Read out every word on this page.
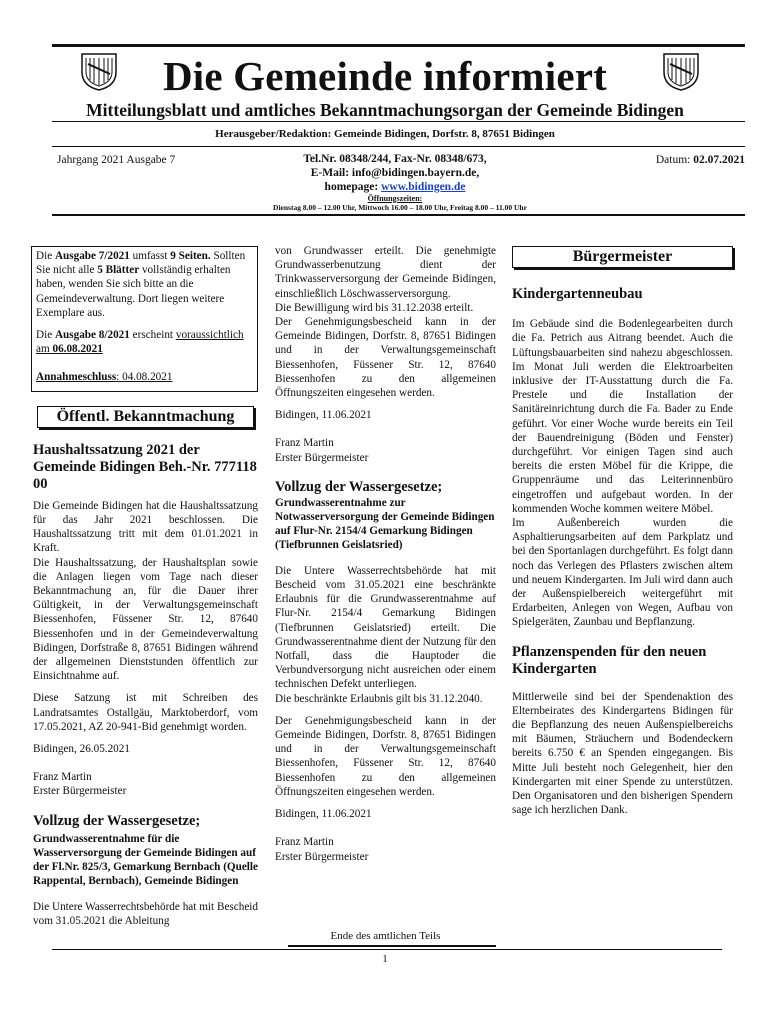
Die Gemeinde informiert
Mitteilungsblatt und amtliches Bekanntmachungsorgan der Gemeinde Bidingen
Herausgeber/Redaktion: Gemeinde Bidingen, Dorfstr. 8, 87651 Bidingen
Jahrgang 2021 Ausgabe 7	Tel.Nr. 08348/244, Fax-Nr. 08348/673,
E-Mail: info@bidingen.bayern.de,
homepage: www.bidingen.de
Öffnungszeiten:
Dienstag 8.00 – 12.00 Uhr, Mittwoch 16.00 – 18.00 Uhr, Freitag 8.00 – 11.00 Uhr
Datum: 02.07.2021

Die Ausgabe 7/2021 umfasst 9 Seiten. Sollten Sie nicht alle 5 Blätter vollständig erhalten haben, wenden Sie sich bitte an die Gemeindeverwaltung. Dort liegen weitere Exemplare aus.

Die Ausgabe 8/2021 erscheint voraussichtlich am 06.08.2021

Annahmeschluss: 04.08.2021

Öffentl. Bekanntmachung
Haushaltssatzung 2021 der Gemeinde Bidingen Beh.-Nr. 777118 00

Die Gemeinde Bidingen hat die Haushaltssatzung für das Jahr 2021 beschlossen. Die Haushaltssatzung tritt mit dem 01.01.2021 in Kraft.

Die Haushaltssatzung, der Haushaltsplan sowie die Anlagen liegen vom Tage nach dieser Bekanntmachung an, für die Dauer ihrer Gültigkeit, in der Verwaltungsgemeinschaft Biessenhofen, Füssener Str. 12, 87640 Biessenhofen und in der Gemeindeverwaltung Bidingen, Dorfstraße 8, 87651 Bidingen während der allgemeinen Dienststunden öffentlich zur Einsichtnahme auf.

Diese Satzung ist mit Schreiben des Landratsamtes Ostallgäu, Marktoberdorf, vom 17.05.2021, AZ 20-941-Bid genehmigt worden.

Bidingen, 26.05.2021

Franz Martin

Erster Bürgermeister

Vollzug der Wassergesetze;
Grundwasserentnahme für die Wasserversorgung der Gemeinde Bidingen auf der Fl.Nr. 825/3, Gemarkung Bernbach (Quelle Rappental, Bernbach), Gemeinde Bidingen

Die Untere Wasserrechtsbehörde hat mit Bescheid vom 31.05.2021 die Ableitung

von Grundwasser erteilt. Die genehmigte Grundwasserbenutzung dient der Trinkwasserversorgung der Gemeinde Bidingen, einschließlich Löschwasserversorgung.

Die Bewilligung wird bis 31.12.2038 erteilt.

Der Genehmigungsbescheid kann in der Gemeinde Bidingen, Dorfstr. 8, 87651 Bidingen und in der Verwaltungsgemeinschaft Biessenhofen, Füssener Str. 12, 87640 Biessenhofen zu den allgemeinen Öffnungszeiten eingesehen werden.

Bidingen, 11.06.2021

Franz Martin

Erster Bürgermeister

Vollzug der Wassergesetze;
Grundwasserentnahme zur Notwasserversorgung der Gemeinde Bidingen auf Flur-Nr. 2154/4 Gemarkung Bidingen (Tiefbrunnen Geislatsried)

Die Untere Wasserrechtsbehörde hat mit Bescheid vom 31.05.2021 eine beschränkte Erlaubnis für die Grundwasserentnahme auf Flur-Nr. 2154/4 Gemarkung Bidingen (Tiefbrunnen Geislatsried) erteilt. Die Grundwasserentnahme dient der Nutzung für den Notfall, dass die Hauptoder die Verbundversorgung nicht ausreichen oder einem technischen Defekt unterliegen.

Die beschränkte Erlaubnis gilt bis 31.12.2040.

Der Genehmigungsbescheid kann in der Gemeinde Bidingen, Dorfstr. 8, 87651 Bidingen und in der Verwaltungsgemeinschaft Biessenhofen, Füssener Str. 12, 87640 Biessenhofen zu den allgemeinen Öffnungszeiten eingesehen werden.

Bidingen, 11.06.2021

Franz Martin

Erster Bürgermeister

Ende des amtlichen Teils
Bürgermeister
Kindergartenneubau

Im Gebäude sind die Bodenlegearbeiten durch die Fa. Petrich aus Aitrang beendet. Auch die Lüftungsbauarbeiten sind nahezu abgeschlossen. Im Monat Juli werden die Elektroarbeiten inklusive der IT-Ausstattung durch die Fa. Prestele und die Installation der Sanitäreinrichtung durch die Fa. Bader zu Ende geführt. Vor einer Woche wurde bereits ein Teil der Bauendreinigung (Böden und Fenster) durchgeführt. Vor einigen Tagen sind auch bereits die ersten Möbel für die Krippe, die Gruppenräume und das Leiterinnenbüro eingetroffen und aufgebaut worden. In der kommenden Woche kommen weitere Möbel.

Im Außenbereich wurden die Asphaltierungsarbeiten auf dem Parkplatz und bei den Sportanlagen durchgeführt. Es folgt dann noch das Verlegen des Pflasters zwischen altem und neuem Kindergarten. Im Juli wird dann auch der Außenspielbereich weitergeführt mit Erdarbeiten, Anlegen von Wegen, Aufbau von Spielgeräten, Zaunbau und Bepflanzung.

Pflanzenspenden für den neuen Kindergarten

Mittlerweile sind bei der Spendenaktion des Elternbeirates des Kindergartens Bidingen für die Bepflanzung des neuen Außenspielbereichs mit Bäumen, Sträuchern und Bodendeckern bereits 6.750 € an Spenden eingegangen. Bis Mitte Juli besteht noch Gelegenheit, hier den Kindergarten mit einer Spende zu unterstützen. Den Organisatoren und den bisherigen Spendern sage ich herzlichen Dank.

1
